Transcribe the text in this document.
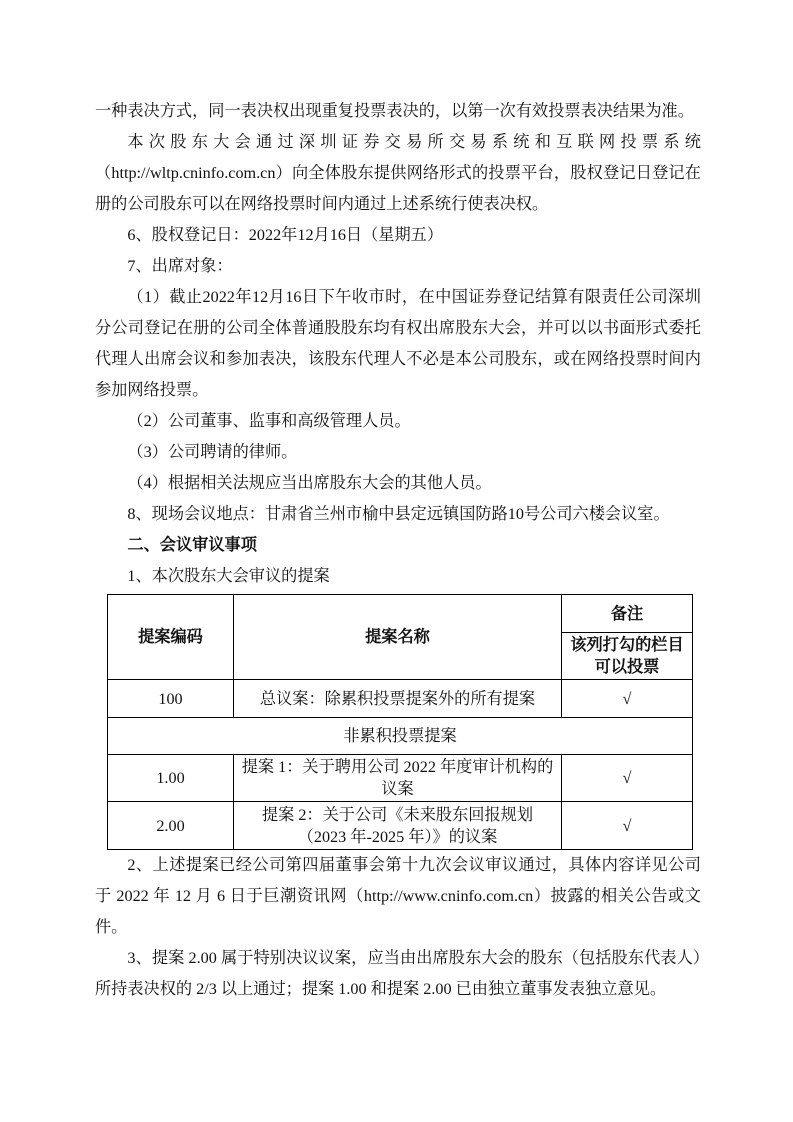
一种表决方式，同一表决权出现重复投票表决的，以第一次有效投票表决结果为准。

本次股东大会通过深圳证券交易所交易系统和互联网投票系统（http://wltp.cninfo.com.cn）向全体股东提供网络形式的投票平台，股权登记日登记在册的公司股东可以在网络投票时间内通过上述系统行使表决权。

6、股权登记日：2022年12月16日（星期五）

7、出席对象：

（1）截止2022年12月16日下午收市时，在中国证券登记结算有限责任公司深圳分公司登记在册的公司全体普通股股东均有权出席股东大会，并可以以书面形式委托代理人出席会议和参加表决，该股东代理人不必是本公司股东，或在网络投票时间内参加网络投票。

（2）公司董事、监事和高级管理人员。

（3）公司聘请的律师。

（4）根据相关法规应当出席股东大会的其他人员。

8、现场会议地点：甘肃省兰州市榆中县定远镇国防路10号公司六楼会议室。

二、会议审议事项

1、本次股东大会审议的提案

提案编码	提案名称	备注
		该列打勾的栏目可以投票
100	总议案：除累积投票提案外的所有提案	√
非累积投票提案		
1.00	提案 1：关于聘用公司 2022 年度审计机构的议案	√
2.00	提案 2：关于公司《未来股东回报规划（2023 年-2025 年）》的议案	√

2、上述提案已经公司第四届董事会第十九次会议审议通过，具体内容详见公司于 2022 年 12 月 6 日于巨潮资讯网（http://www.cninfo.com.cn）披露的相关公告或文件。

3、提案 2.00 属于特别决议议案，应当由出席股东大会的股东（包括股东代表人）所持表决权的 2/3 以上通过；提案 1.00 和提案 2.00 已由独立董事发表独立意见。
